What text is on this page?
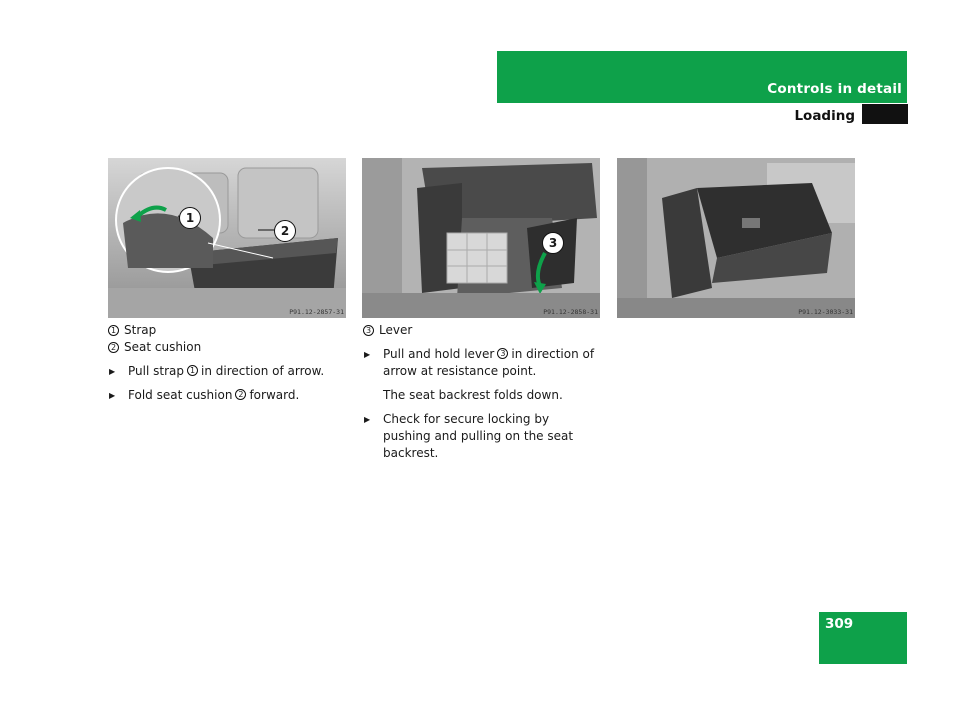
Controls in detail
Loading
1
2
P91.12-2857-31
3
P91.12-2858-31	P91.12-3033-31
1 Strap
2 Seat cushion
▶ Pull strap 1 in direction of arrow.
▶ Fold seat cushion 2 forward.
3 Lever
▶ Pull and hold lever 3 in direction of arrow at resistance point.
The seat backrest folds down.
▶ Check for secure locking by pushing and pulling on the seat backrest.
309
